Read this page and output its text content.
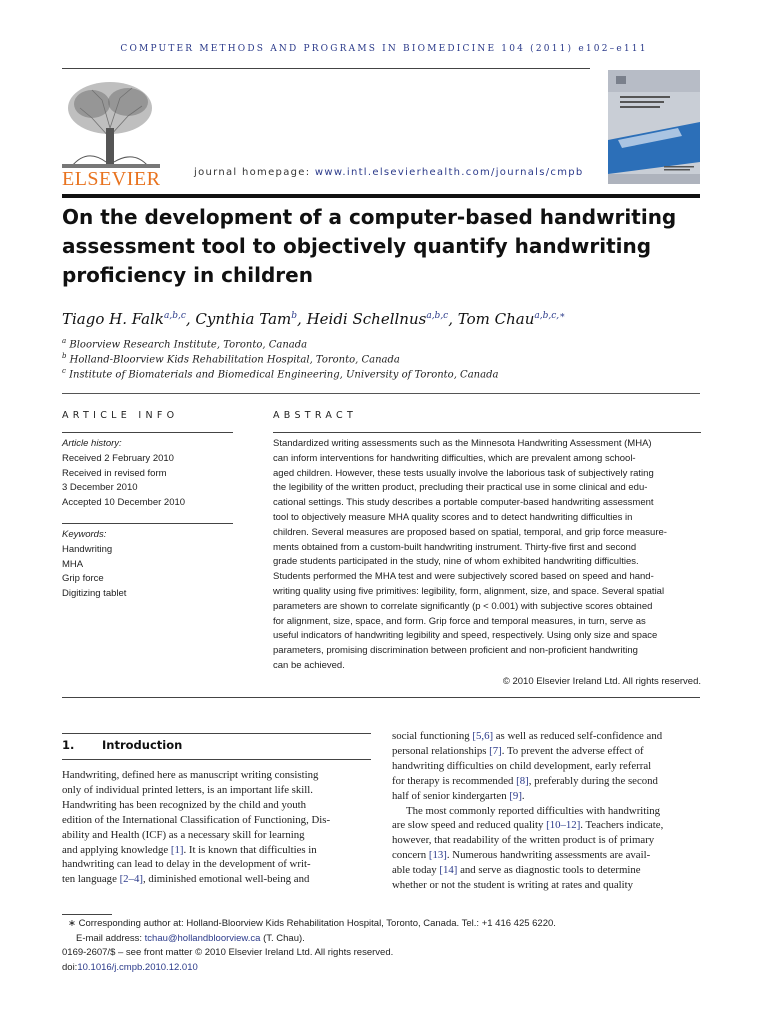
COMPUTER METHODS AND PROGRAMS IN BIOMEDICINE 104 (2011) e102–e111
ELSEVIER	journal homepage: www.intl.elsevierhealth.com/journals/cmpb
On the development of a computer-based handwriting assessment tool to objectively quantify handwriting proficiency in children
Tiago H. Falk$^{a,b,c}$, Cynthia Tam$^b$, Heidi Schellnus$^{a,b,c}$, Tom Chau$^{a,b,c,∗}$
$^a$ Bloorview Research Institute, Toronto, Canada
$^b$ Holland-Bloorview Kids Rehabilitation Hospital, Toronto, Canada
$^c$ Institute of Biomaterials and Biomedical Engineering, University of Toronto, Canada
ARTICLE INFO
Article history:
Received 2 February 2010
Received in revised form
3 December 2010
Accepted 10 December 2010
Keywords:
Handwriting
MHA
Grip force
Digitizing tablet
ABSTRACT
Standardized writing assessments such as the Minnesota Handwriting Assessment (MHA)
can inform interventions for handwriting difficulties, which are prevalent among school-
aged children. However, these tests usually involve the laborious task of subjectively rating
the legibility of the written product, precluding their practical use in some clinical and edu-
cational settings. This study describes a portable computer-based handwriting assessment
tool to objectively measure MHA quality scores and to detect handwriting difficulties in
children. Several measures are proposed based on spatial, temporal, and grip force measure-
ments obtained from a custom-built handwriting instrument. Thirty-five first and second
grade students participated in the study, nine of whom exhibited handwriting difficulties.
Students performed the MHA test and were subjectively scored based on speed and hand-
writing quality using five primitives: legibility, form, alignment, size, and space. Several spatial
parameters are shown to correlate significantly (p < 0.001) with subjective scores obtained
for alignment, size, space, and form. Grip force and temporal measures, in turn, serve as
useful indicators of handwriting legibility and speed, respectively. Using only size and space
parameters, promising discrimination between proficient and non-proficient handwriting
can be achieved.
© 2010 Elsevier Ireland Ltd. All rights reserved.
1. Introduction
Handwriting, defined here as manuscript writing consisting
only of individual printed letters, is an important life skill.
Handwriting has been recognized by the child and youth
edition of the International Classification of Functioning, Dis-
ability and Health (ICF) as a necessary skill for learning
and applying knowledge [1]. It is known that difficulties in
handwriting can lead to delay in the development of writ-
ten language [2–4], diminished emotional well-being and
social functioning [5,6] as well as reduced self-confidence and
personal relationships [7]. To prevent the adverse effect of
handwriting difficulties on child development, early referral
for therapy is recommended [8], preferably during the second
half of senior kindergarten [9].
The most commonly reported difficulties with handwriting
are slow speed and reduced quality [10–12]. Teachers indicate,
however, that readability of the written product is of primary
concern [13]. Numerous handwriting assessments are avail-
able today [14] and serve as diagnostic tools to determine
whether or not the student is writing at rates and quality
∗ Corresponding author at: Holland-Bloorview Kids Rehabilitation Hospital, Toronto, Canada. Tel.: +1 416 425 6220.
E-mail address: tchau@hollandbloorview.ca (T. Chau).
0169-2607/$ – see front matter © 2010 Elsevier Ireland Ltd. All rights reserved.
doi:10.1016/j.cmpb.2010.12.010
